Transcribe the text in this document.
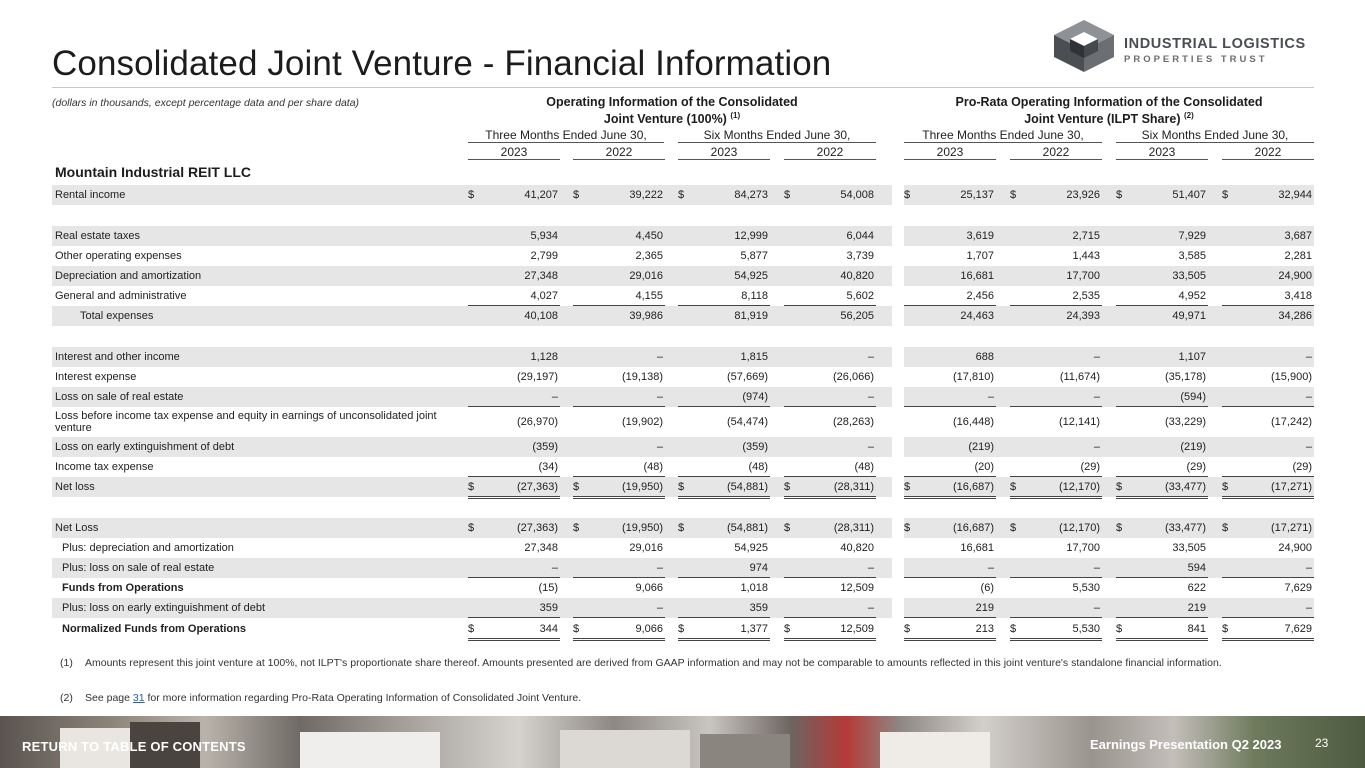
Consolidated Joint Venture - Financial Information	INDUSTRIAL LOGISTICS
PROPERTIES TRUST
(dollars in thousands, except percentage data and per share data)	Operating Information of the Consolidated
Joint Venture (100%) $^{(1)}$
Pro-Rata Operating Information of the Consolidated
Joint Venture (ILPT Share) $^{(2)}$
Three Months Ended June 30,	Six Months Ended June 30,	Three Months Ended June 30,	Six Months Ended June 30,
2023	2022	2023	2022	2023	2022	2023	2022
Mountain Industrial REIT LLC
Rental income	$	41,207 $	39,222 $	84,273 $	54,008	$	25,137 $	23,926 $	51,407 $	32,944
Real estate taxes	5,934	4,450	12,999	6,044	3,619	2,715	7,929	3,687
Other operating expenses	2,799	2,365	5,877	3,739	1,707	1,443	3,585	2,281
Depreciation and amortization	27,348	29,016	54,925	40,820	16,681	17,700	33,505	24,900
General and administrative	4,027	4,155	8,118	5,602	2,456	2,535	4,952	3,418
Total expenses	40,108	39,986	81,919	56,205	24,463	24,393	49,971	34,286
Interest and other income	1,128	–	1,815	–	688	–	1,107	–
Interest expense	(29,197)	(19,138)	(57,669)	(26,066)	(17,810)	(11,674)	(35,178)	(15,900)
Loss on sale of real estate	–	–	(974)	–	–	–	(594)	–
Loss before income tax expense and equity in earnings of unconsolidated joint venture	(26,970)	(19,902)	(54,474)	(28,263)	(16,448)	(12,141)	(33,229)	(17,242)
Loss on early extinguishment of debt	(359)	–	(359)	–	(219)	–	(219)	–
Income tax expense	(34)	(48)	(48)	(48)	(20)	(29)	(29)	(29)
Net loss	$	(27,363) $	(19,950) $	(54,881) $	(28,311)	$	(16,687) $	(12,170) $	(33,477) $	(17,271)
Net Loss	$	(27,363) $	(19,950) $	(54,881) $	(28,311)	$	(16,687) $	(12,170) $	(33,477) $	(17,271)
Plus: depreciation and amortization	27,348	29,016	54,925	40,820	16,681	17,700	33,505	24,900
Plus: loss on sale of real estate	–	–	974	–	–	–	594	–
Funds from Operations	(15)	9,066	1,018	12,509	(6)	5,530	622	7,629
Plus: loss on early extinguishment of debt	359	–	359	–	219	–	219	–
Normalized Funds from Operations	$	344 $	9,066 $	1,377 $	12,509	$	213 $	5,530 $	841 $	7,629
(1) Amounts represent this joint venture at 100%, not ILPT's proportionate share thereof. Amounts presented are derived from GAAP information and may not be comparable to amounts reflected in this joint venture's standalone financial information.
(2) See page 31 for more information regarding Pro-Rata Operating Information of Consolidated Joint Venture.
RETURN TO TABLE OF CONTENTS	Earnings Presentation Q2 2023	23
